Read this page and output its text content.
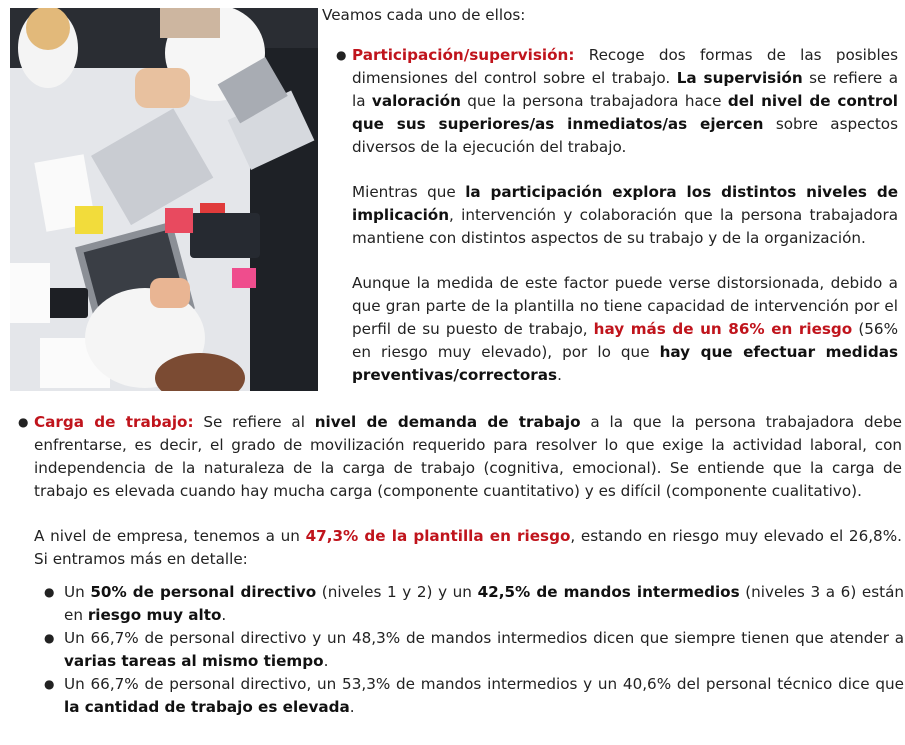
Veamos cada uno de ellos:

● Participación/supervisión: Recoge dos formas de las posibles dimensiones del control sobre el trabajo. La supervisión se refiere a la valoración que la persona trabajadora hace del nivel de control que sus superiores/as inmediatos/as ejercen sobre aspectos diversos de la ejecución del trabajo.

Mientras que la participación explora los distintos niveles de implicación, intervención y colaboración que la persona trabajadora mantiene con distintos aspectos de su trabajo y de la organización.

Aunque la medida de este factor puede verse distorsionada, debido a que gran parte de la plantilla no tiene capacidad de intervención por el perfil de su puesto de trabajo, hay más de un 86% en riesgo (56% en riesgo muy elevado), por lo que hay que efectuar medidas preventivas/correctoras.

● Carga de trabajo: Se refiere al nivel de demanda de trabajo a la que la persona trabajadora debe enfrentarse, es decir, el grado de movilización requerido para resolver lo que exige la actividad laboral, con independencia de la naturaleza de la carga de trabajo (cognitiva, emocional). Se entiende que la carga de trabajo es elevada cuando hay mucha carga (componente cuantitativo) y es difícil (componente cualitativo).

A nivel de empresa, tenemos a un 47,3% de la plantilla en riesgo, estando en riesgo muy elevado el 26,8%. Si entramos más en detalle:

● Un 50% de personal directivo (niveles 1 y 2) y un 42,5% de mandos intermedios (niveles 3 a 6) están en riesgo muy alto.
● Un 66,7% de personal directivo y un 48,3% de mandos intermedios dicen que siempre tienen que atender a varias tareas al mismo tiempo.
● Un 66,7% de personal directivo, un 53,3% de mandos intermedios y un 40,6% del personal técnico dice que la cantidad de trabajo es elevada.
